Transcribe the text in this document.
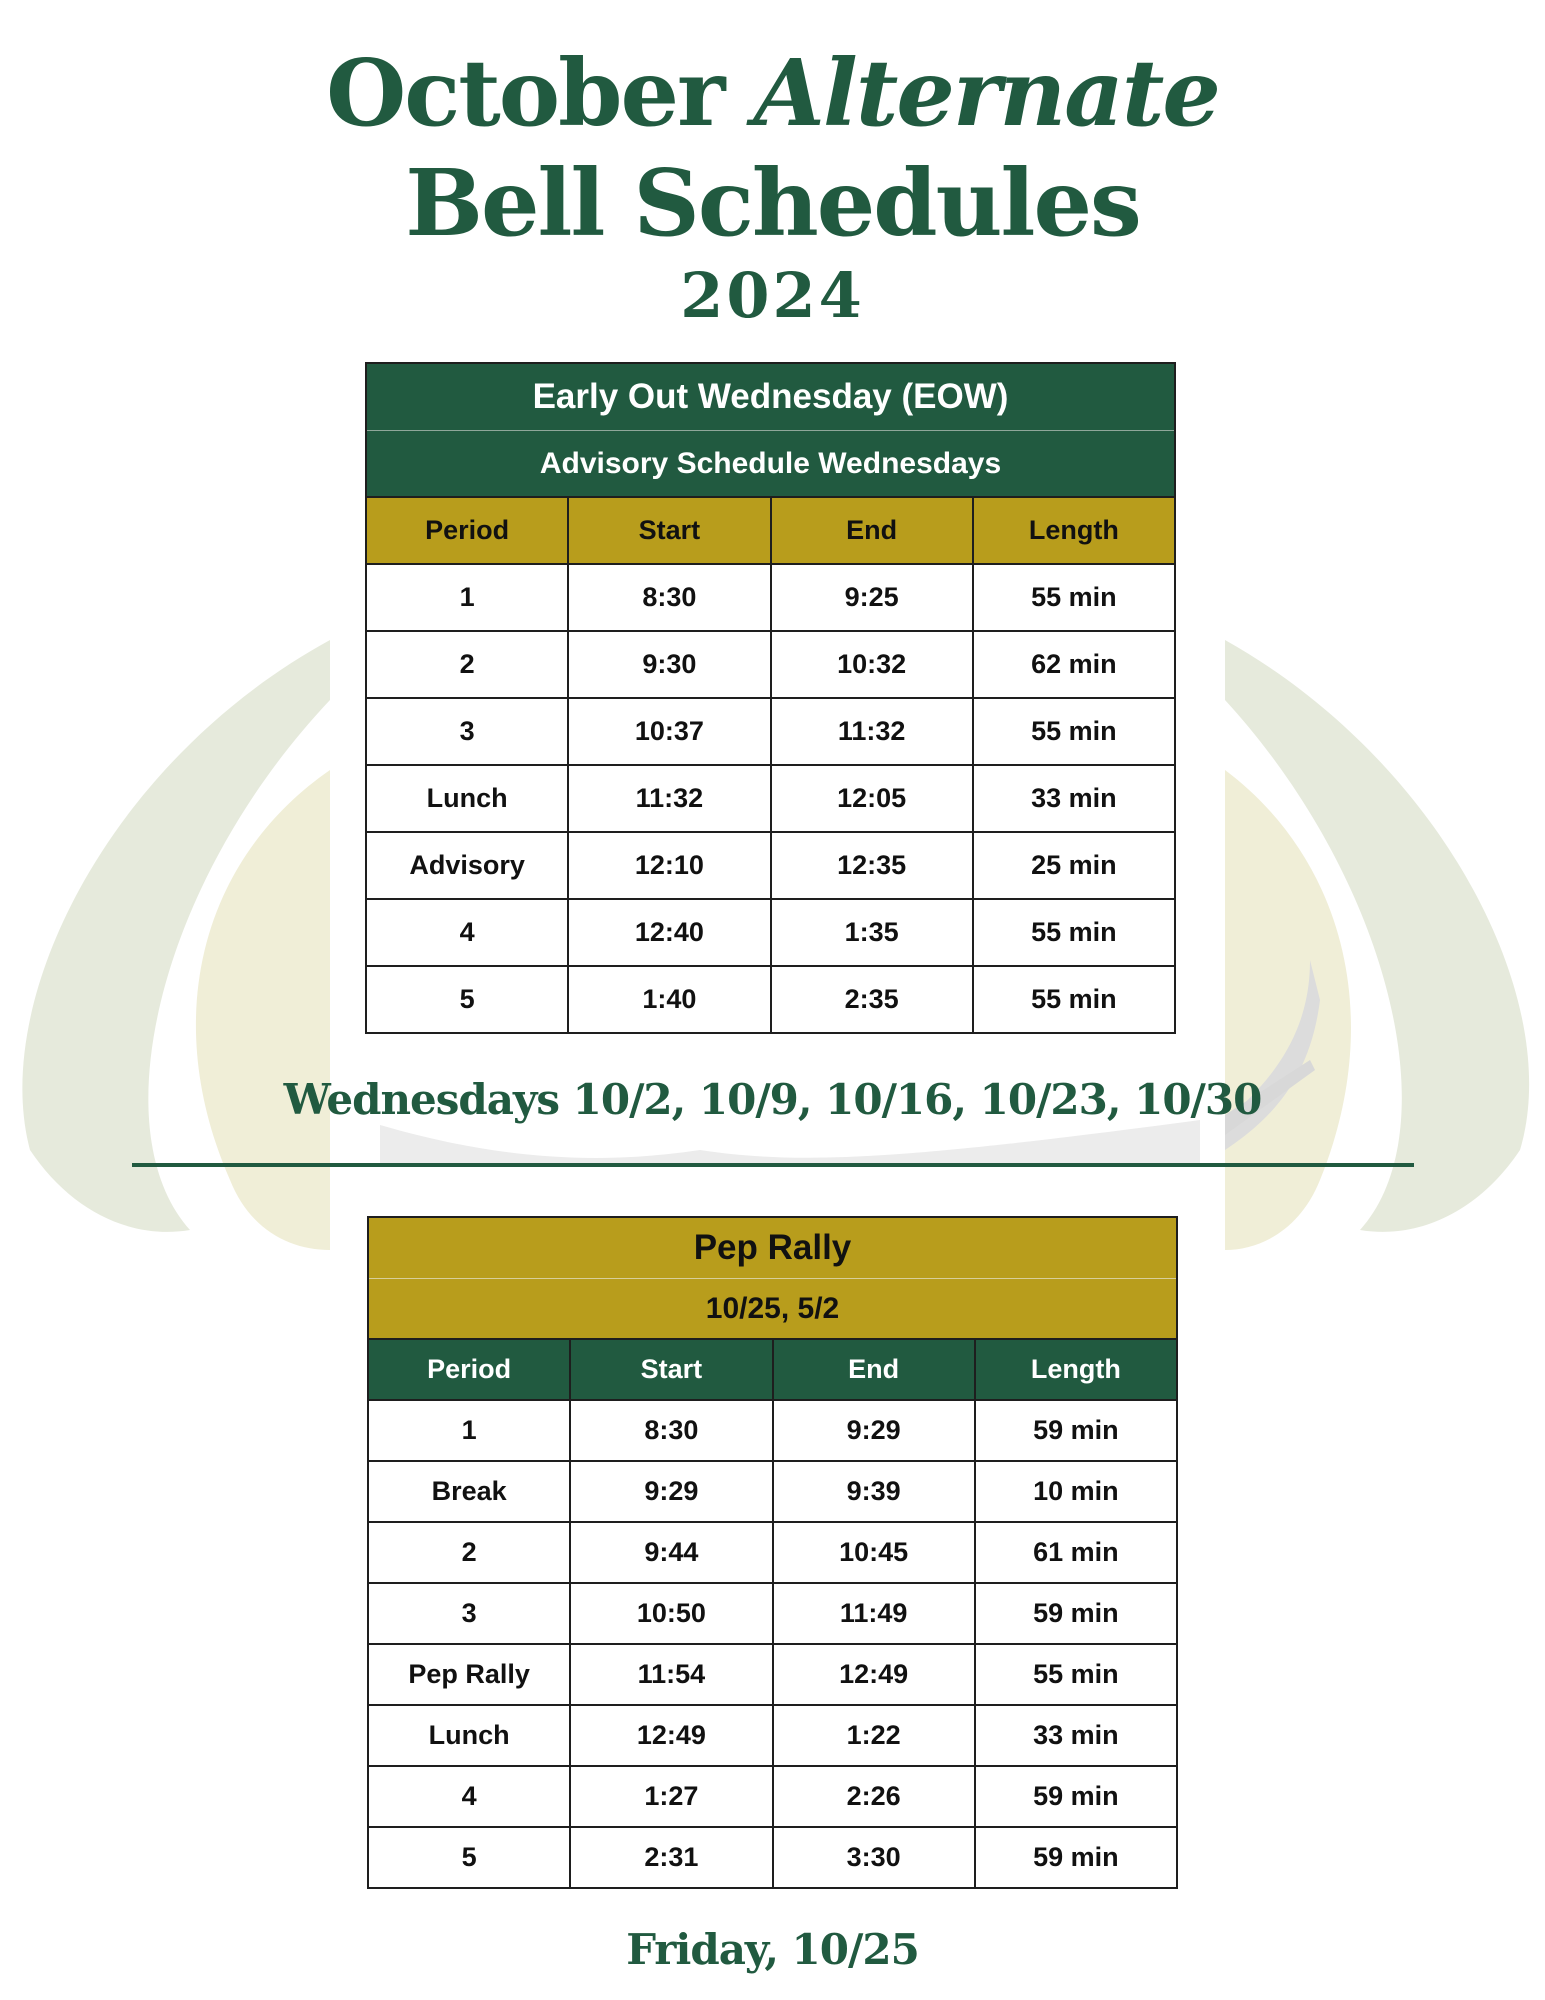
October Alternate
Bell Schedules
2024
Early Out Wednesday (EOW)			
Advisory Schedule Wednesdays			
Period	Start	End	Length
1	8:30	9:25	55 min
2	9:30	10:32	62 min
3	10:37	11:32	55 min
Lunch	11:32	12:05	33 min
Advisory	12:10	12:35	25 min
4	12:40	1:35	55 min
5	1:40	2:35	55 min

Wednesdays 10/2, 10/9, 10/16, 10/23, 10/30

Pep Rally			
10/25, 5/2			
Period	Start	End	Length
1	8:30	9:29	59 min
Break	9:29	9:39	10 min
2	9:44	10:45	61 min
3	10:50	11:49	59 min
Pep Rally	11:54	12:49	55 min
Lunch	12:49	1:22	33 min
4	1:27	2:26	59 min
5	2:31	3:30	59 min

Friday, 10/25
